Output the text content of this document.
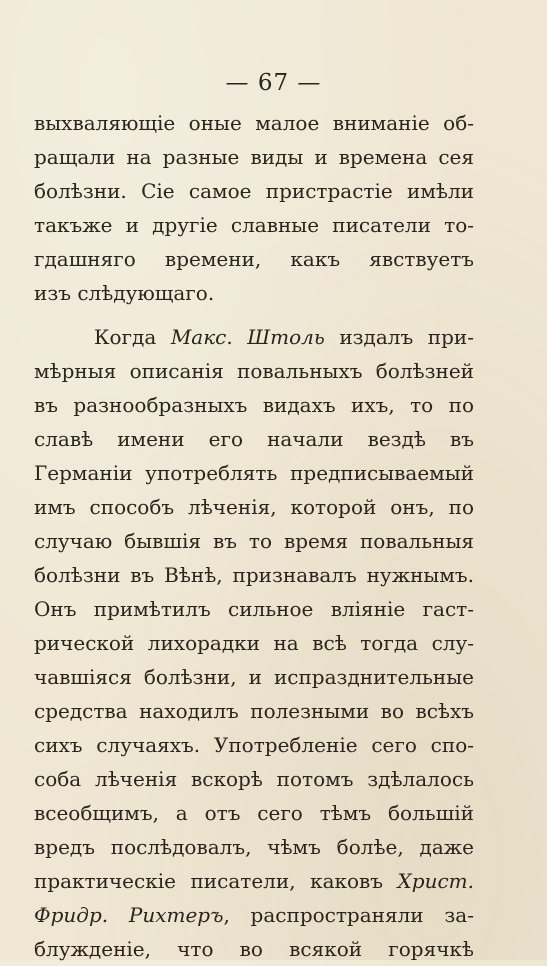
— 67 —
выхваляющіе оные малое вниманіе об-
ращали на разные виды и времена сея
болѣзни. Сіе самое пристрастіе имѣли
такъже и другіе славные писатели то-
гдашняго времени, какъ явствуетъ
изъ слѣдующаго.
Когда Макс. Штоль издалъ при-
мѣрныя описанія повальныхъ болѣзней
въ разнообразныхъ видахъ ихъ, то по
славѣ имени его начали вездѣ въ
Германіи употреблять предписываемый
имъ способъ лѣченія, которой онъ, по
случаю бывшія въ то время повальныя
болѣзни въ Вѣнѣ, признавалъ нужнымъ.
Онъ примѣтилъ сильное вліяніе гаст-
рической лихорадки на всѣ тогда слу-
чавшіяся болѣзни, и испразднительные
средства находилъ полезными во всѣхъ
сихъ случаяхъ. Употребленіе сего спо-
соба лѣченія вскорѣ потомъ здѣлалось
всеобщимъ, а отъ сего тѣмъ большій
вредъ послѣдовалъ, чѣмъ болѣе, даже
практическіе писатели, каковъ Христ.
Фридр. Рихтеръ, распространяли за-
блужденіе, что во всякой горячкѣ
